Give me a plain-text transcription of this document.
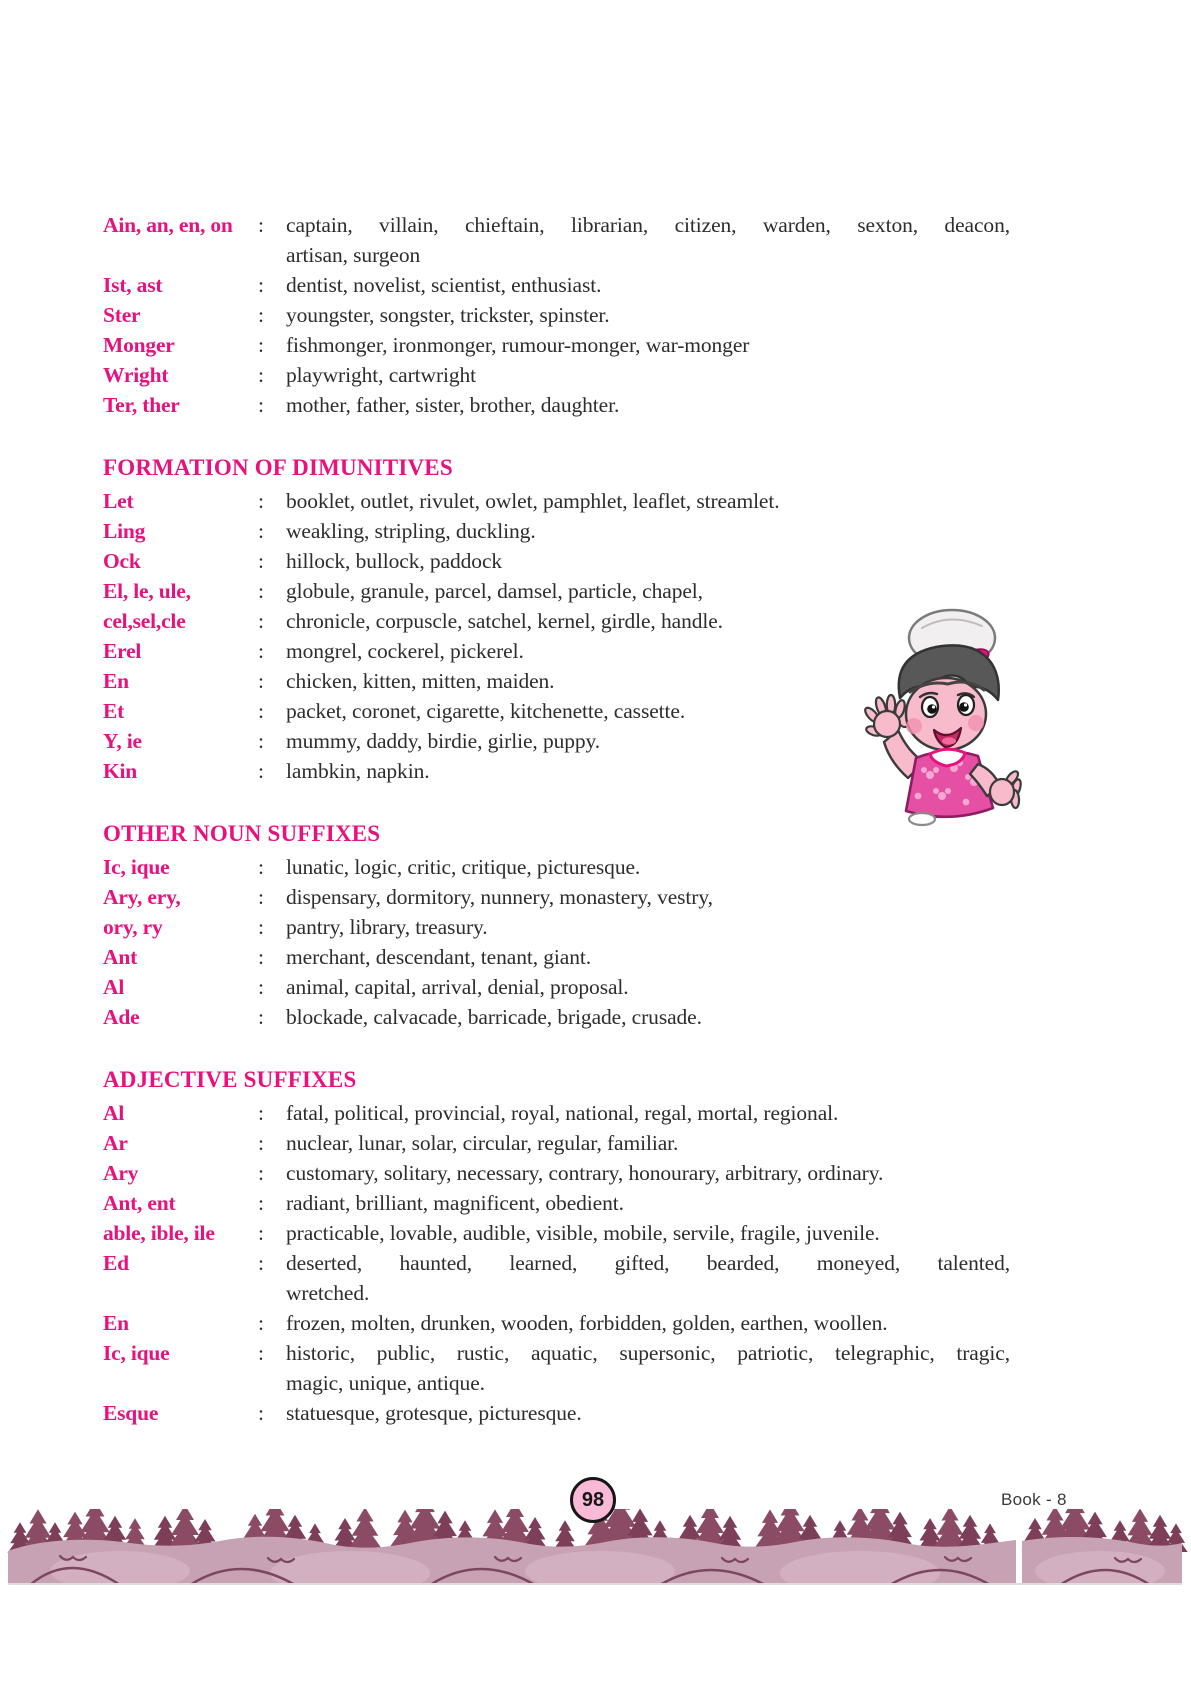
Ain, an, en, on	:	captain, villain, chieftain, librarian, citizen, warden, sexton, deacon,
artisan, surgeon
Ist, ast	:	dentist, novelist, scientist, enthusiast.
Ster	:	youngster, songster, trickster, spinster.
Monger	:	fishmonger, ironmonger, rumour-monger, war-monger
Wright	:	playwright, cartwright
Ter, ther	:	mother, father, sister, brother, daughter.
FORMATION OF DIMUNITIVES
Let	:	booklet, outlet, rivulet, owlet, pamphlet, leaflet, streamlet.
Ling	:	weakling, stripling, duckling.
Ock	:	hillock, bullock, paddock
El, le, ule,	:	globule, granule, parcel, damsel, particle, chapel,
cel,sel,cle	:	chronicle, corpuscle, satchel, kernel, girdle, handle.
Erel	:	mongrel, cockerel, pickerel.
En	:	chicken, kitten, mitten, maiden.
Et	:	packet, coronet, cigarette, kitchenette, cassette.
Y, ie	:	mummy, daddy, birdie, girlie, puppy.
Kin	:	lambkin, napkin.
OTHER NOUN SUFFIXES
Ic, ique	:	lunatic, logic, critic, critique, picturesque.
Ary, ery,	:	dispensary, dormitory, nunnery, monastery, vestry,
ory, ry	:	pantry, library, treasury.
Ant	:	merchant, descendant, tenant, giant.
Al	:	animal, capital, arrival, denial, proposal.
Ade	:	blockade, calvacade, barricade, brigade, crusade.
ADJECTIVE SUFFIXES
Al	:	fatal, political, provincial, royal, national, regal, mortal, regional.
Ar	:	nuclear, lunar, solar, circular, regular, familiar.
Ary	:	customary, solitary, necessary, contrary, honourary, arbitrary, ordinary.
Ant, ent	:	radiant, brilliant, magnificent, obedient.
able, ible, ile	:	practicable, lovable, audible, visible, mobile, servile, fragile, juvenile.
Ed	:	deserted, haunted, learned, gifted, bearded, moneyed, talented,
wretched.
En	:	frozen, molten, drunken, wooden, forbidden, golden, earthen, woollen.
Ic, ique	:	historic, public, rustic, aquatic, supersonic, patriotic, telegraphic, tragic,
magic, unique, antique.
Esque	:	statuesque, grotesque, picturesque.
98	Book - 8
